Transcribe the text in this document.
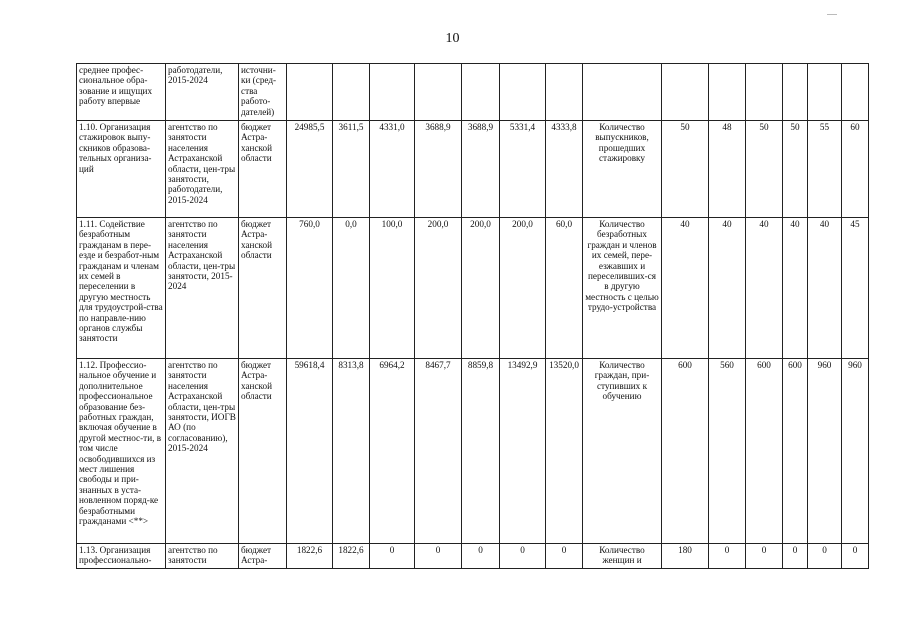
10
среднее профес-сиональное обра-зование и ищущих работу впервые	работодатели, 2015-2024	источни-ки (сред-ства работо-дателей)														
1.10. Организация стажировок выпу-скников образова-тельных организа-ций	агентство по занятости населения Астраханской области, цен-тры занятости, работодатели, 2015-2024	бюджет Астра-ханской области	24985,5	3611,5	4331,0	3688,9	3688,9	5331,4	4333,8	Количество выпускников, прошедших стажировку	50	48	50	50	55	60
1.11. Содействие безработным гражданам в пере-езде и безработ-ным гражданам и членам их семей в переселении в другую местность для трудоустрой-ства по направле-нию органов службы занятости	агентство по занятости населения Астраханской области, цен-тры занятости, 2015-2024	бюджет Астра-ханской области	760,0	0,0	100,0	200,0	200,0	200,0	60,0	Количество безработных граждан и членов их семей, пере-езжавших и переселивших-ся в другую местность с целью трудо-устройства	40	40	40	40	40	45
1.12. Профессио-нальное обучение и дополнительное профессиональное образование без-работных граждан, включая обучение в другой местнос-ти, в том числе освободившихся из мест лишения свободы и при-знанных в уста-новленном поряд-ке безработными гражданами <**>	агентство по занятости населения Астраханской области, цен-тры занятости, ИОГВ АО (по согласованию), 2015-2024	бюджет Астра-ханской области	59618,4	8313,8	6964,2	8467,7	8859,8	13492,9	13520,0	Количество граждан, при-ступивших к обучению	600	560	600	600	960	960
1.13. Организация профессионально-	агентство по занятости	бюджет Астра-	1822,6	1822,6	0	0	0	0	0	Количество женщин и	180	0	0	0	0	0
